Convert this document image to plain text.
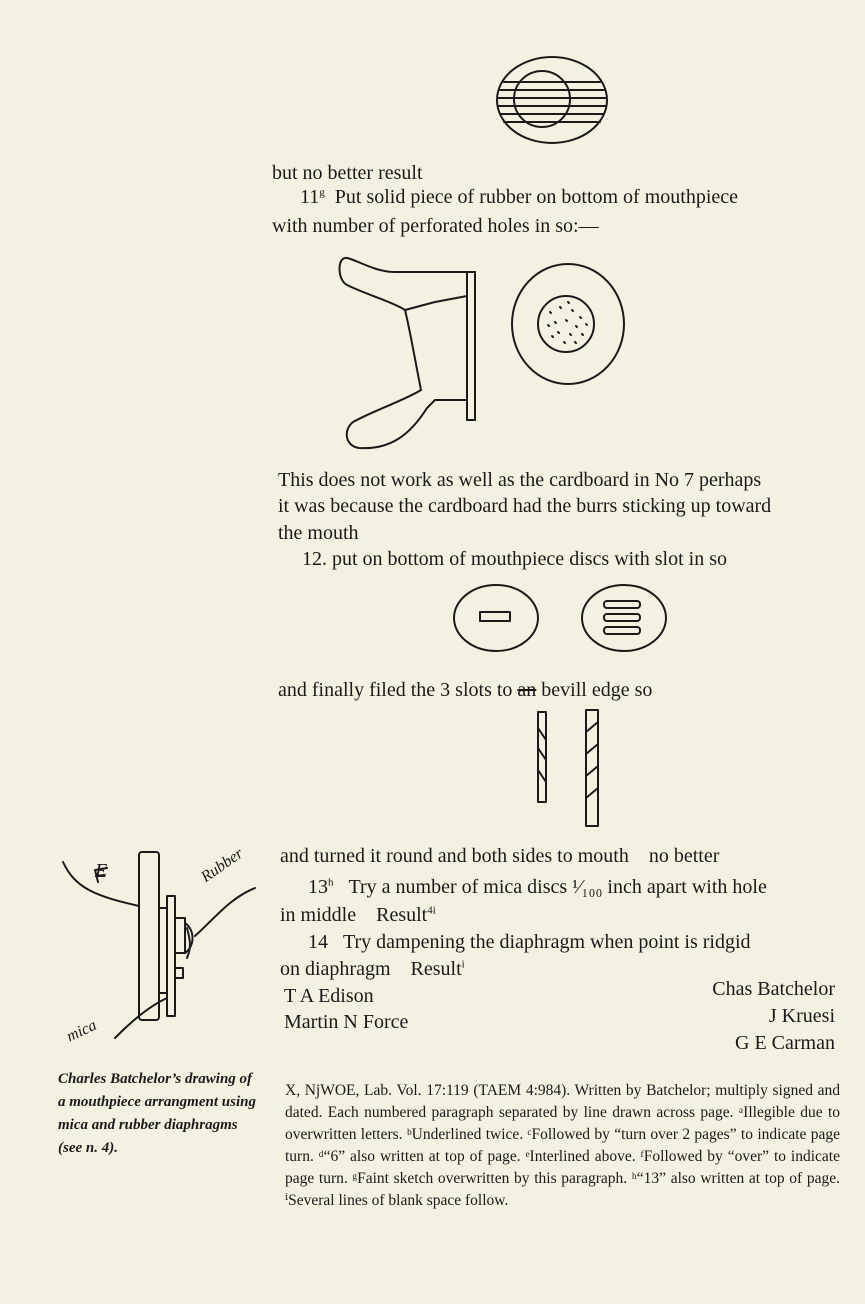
but no better result
11$^g$ Put solid piece of rubber on bottom of mouthpiece
with number of perforated holes in so:—
This does not work as well as the cardboard in No 7 perhaps
it was because the cardboard had the burrs sticking up toward
the mouth
12. put on bottom of mouthpiece discs with slot in so
and finally filed the 3 slots to an bevill edge so
E	Rubber
mica
and turned it round and both sides to mouth no better
13$^h$ Try a number of mica discs ¹⁄₁₀₀ inch apart with hole
in middle Result$^{4i}$
14 Try dampening the diaphragm when point is ridgid
on diaphragm Result$^i$
T A Edison
Martin N Force
Chas Batchelor
J Kruesi
G E Carman
Charles Batchelor’s drawing of a mouthpiece arrangment using mica and rubber diaphragms (see n. 4).
X, NjWOE, Lab. Vol. 17:119 (TAEM 4:984). Written by Batchelor; multiply signed and dated. Each numbered paragraph separated by line drawn across page. ᵃIllegible due to overwritten letters. ᵇUnderlined twice. ᶜFollowed by “turn over 2 pages” to indicate page turn. ᵈ“6” also written at top of page. ᵉInterlined above. ᶠFollowed by “over” to indicate page turn. ᵍFaint sketch overwritten by this paragraph. ʰ“13” also written at top of page. ⁱSeveral lines of blank space follow.
